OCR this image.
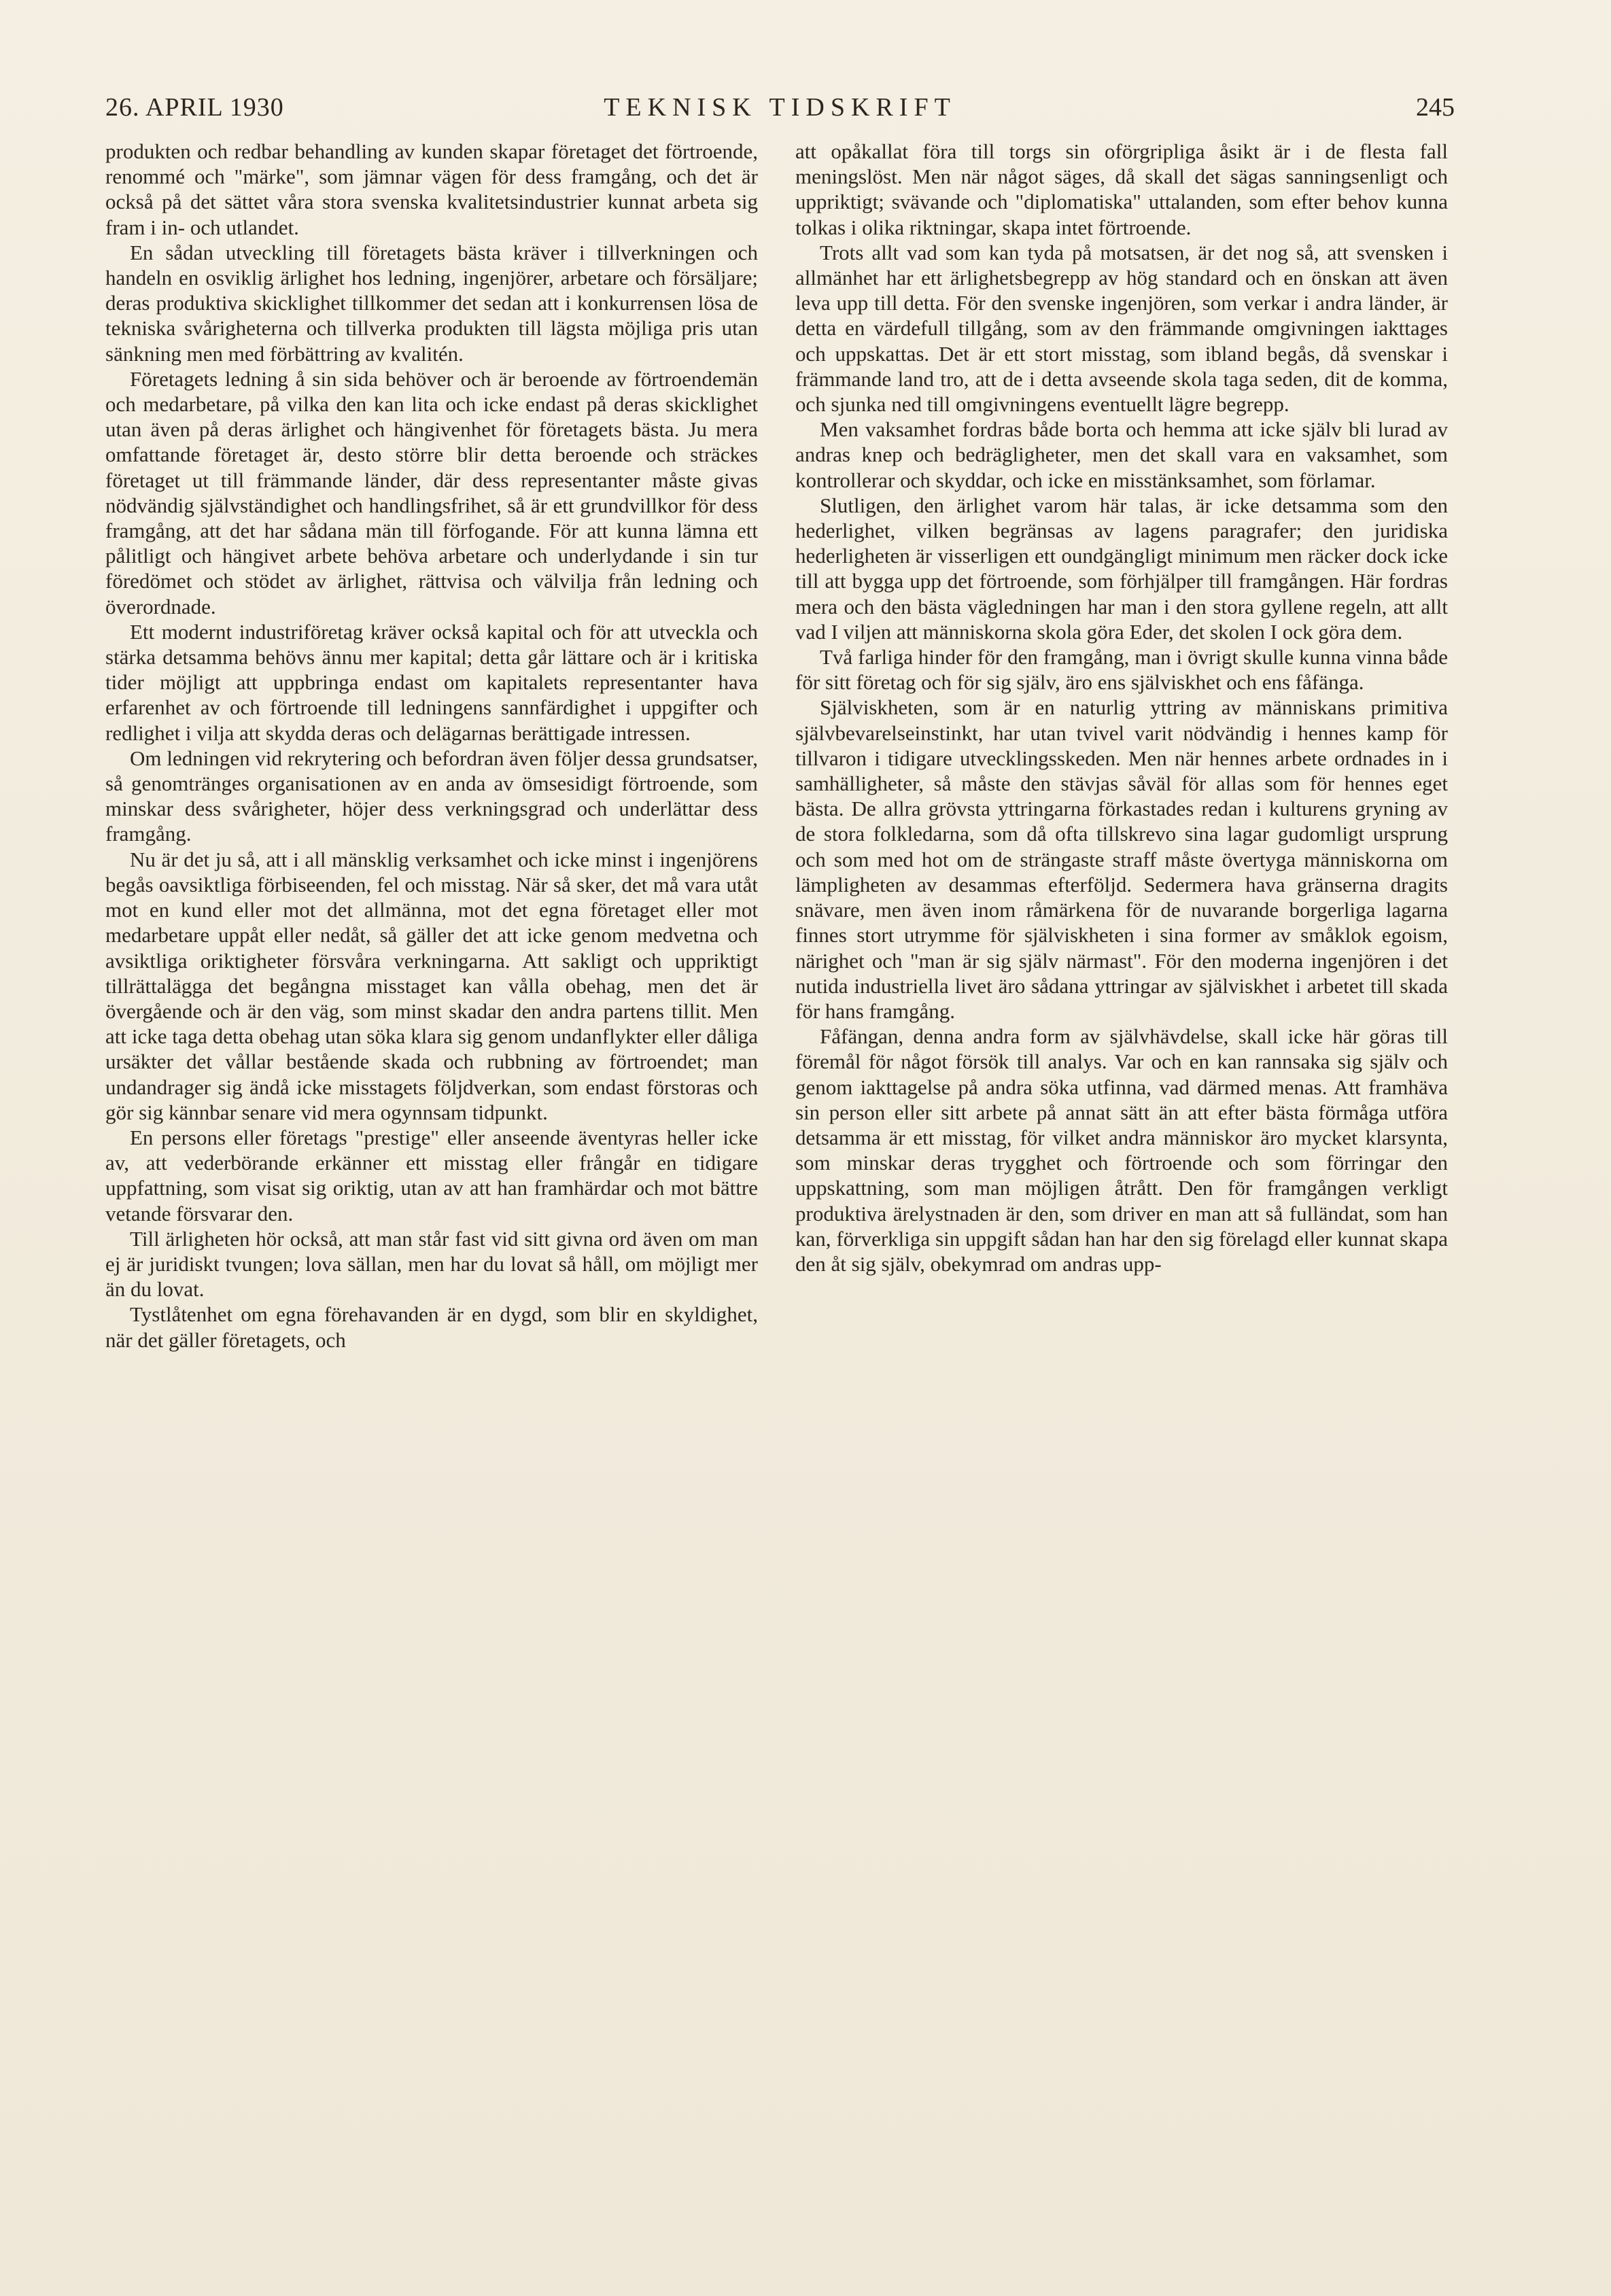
26. APRIL 1930	TEKNISK TIDSKRIFT	245

produkten och redbar behandling av kunden skapar företaget det förtroende, renommé och "märke", som jämnar vägen för dess framgång, och det är också på det sättet våra stora svenska kvalitetsindustrier kunnat arbeta sig fram i in- och utlandet.

En sådan utveckling till företagets bästa kräver i tillverkningen och handeln en osviklig ärlighet hos ledning, ingenjörer, arbetare och försäljare; deras produktiva skicklighet tillkommer det sedan att i konkurrensen lösa de tekniska svårigheterna och tillverka produkten till lägsta möjliga pris utan sänkning men med förbättring av kvalitén.

Företagets ledning å sin sida behöver och är beroende av förtroendemän och medarbetare, på vilka den kan lita och icke endast på deras skicklighet utan även på deras ärlighet och hängivenhet för företagets bästa. Ju mera omfattande företaget är, desto större blir detta beroende och sträckes företaget ut till främmande länder, där dess representanter måste givas nödvändig självständighet och handlingsfrihet, så är ett grundvillkor för dess framgång, att det har sådana män till förfogande. För att kunna lämna ett pålitligt och hängivet arbete behöva arbetare och underlydande i sin tur föredömet och stödet av ärlighet, rättvisa och välvilja från ledning och överordnade.

Ett modernt industriföretag kräver också kapital och för att utveckla och stärka detsamma behövs ännu mer kapital; detta går lättare och är i kritiska tider möjligt att uppbringa endast om kapitalets representanter hava erfarenhet av och förtroende till ledningens sannfärdighet i uppgifter och redlighet i vilja att skydda deras och delägarnas berättigade intressen.

Om ledningen vid rekrytering och befordran även följer dessa grundsatser, så genomtränges organisationen av en anda av ömsesidigt förtroende, som minskar dess svårigheter, höjer dess verkningsgrad och underlättar dess framgång.

Nu är det ju så, att i all mänsklig verksamhet och icke minst i ingenjörens begås oavsiktliga förbiseenden, fel och misstag. När så sker, det må vara utåt mot en kund eller mot det allmänna, mot det egna företaget eller mot medarbetare uppåt eller nedåt, så gäller det att icke genom medvetna och avsiktliga oriktigheter försvåra verkningarna. Att sakligt och uppriktigt tillrättalägga det begångna misstaget kan vålla obehag, men det är övergående och är den väg, som minst skadar den andra partens tillit. Men att icke taga detta obehag utan söka klara sig genom undanflykter eller dåliga ursäkter det vållar bestående skada och rubbning av förtroendet; man undandrager sig ändå icke misstagets följdverkan, som endast förstoras och gör sig kännbar senare vid mera ogynnsam tidpunkt.

En persons eller företags "prestige" eller anseende äventyras heller icke av, att vederbörande erkänner ett misstag eller frångår en tidigare uppfattning, som visat sig oriktig, utan av att han framhärdar och mot bättre vetande försvarar den.

Till ärligheten hör också, att man står fast vid sitt givna ord även om man ej är juridiskt tvungen; lova sällan, men har du lovat så håll, om möjligt mer än du lovat.

Tystlåtenhet om egna förehavanden är en dygd, som blir en skyldighet, när det gäller företagets, och

att opåkallat föra till torgs sin oförgripliga åsikt är i de flesta fall meningslöst. Men när något säges, då skall det sägas sanningsenligt och uppriktigt; svävande och "diplomatiska" uttalanden, som efter behov kunna tolkas i olika riktningar, skapa intet förtroende.

Trots allt vad som kan tyda på motsatsen, är det nog så, att svensken i allmänhet har ett ärlighetsbegrepp av hög standard och en önskan att även leva upp till detta. För den svenske ingenjören, som verkar i andra länder, är detta en värdefull tillgång, som av den främmande omgivningen iakttages och uppskattas. Det är ett stort misstag, som ibland begås, då svenskar i främmande land tro, att de i detta avseende skola taga seden, dit de komma, och sjunka ned till omgivningens eventuellt lägre begrepp.

Men vaksamhet fordras både borta och hemma att icke själv bli lurad av andras knep och bedrägligheter, men det skall vara en vaksamhet, som kontrollerar och skyddar, och icke en misstänksamhet, som förlamar.

Slutligen, den ärlighet varom här talas, är icke detsamma som den hederlighet, vilken begränsas av lagens paragrafer; den juridiska hederligheten är visserligen ett oundgängligt minimum men räcker dock icke till att bygga upp det förtroende, som förhjälper till framgången. Här fordras mera och den bästa vägledningen har man i den stora gyllene regeln, att allt vad I viljen att människorna skola göra Eder, det skolen I ock göra dem.

Två farliga hinder för den framgång, man i övrigt skulle kunna vinna både för sitt företag och för sig själv, äro ens själviskhet och ens fåfänga.

Själviskheten, som är en naturlig yttring av människans primitiva självbevarelseinstinkt, har utan tvivel varit nödvändig i hennes kamp för tillvaron i tidigare utvecklingsskeden. Men när hennes arbete ordnades in i samhälligheter, så måste den stävjas såväl för allas som för hennes eget bästa. De allra grövsta yttringarna förkastades redan i kulturens gryning av de stora folkledarna, som då ofta tillskrevo sina lagar gudomligt ursprung och som med hot om de strängaste straff måste övertyga människorna om lämpligheten av desammas efterföljd. Sedermera hava gränserna dragits snävare, men även inom råmärkena för de nuvarande borgerliga lagarna finnes stort utrymme för själviskheten i sina former av småklok egoism, närighet och "man är sig själv närmast". För den moderna ingenjören i det nutida industriella livet äro sådana yttringar av själviskhet i arbetet till skada för hans framgång.

Fåfängan, denna andra form av självhävdelse, skall icke här göras till föremål för något försök till analys. Var och en kan rannsaka sig själv och genom iakttagelse på andra söka utfinna, vad därmed menas. Att framhäva sin person eller sitt arbete på annat sätt än att efter bästa förmåga utföra detsamma är ett misstag, för vilket andra människor äro mycket klarsynta, som minskar deras trygghet och förtroende och som förringar den uppskattning, som man möjligen åtrått. Den för framgången verkligt produktiva ärelystnaden är den, som driver en man att så fulländat, som han kan, förverkliga sin uppgift sådan han har den sig förelagd eller kunnat skapa den åt sig själv, obekymrad om andras upp-
